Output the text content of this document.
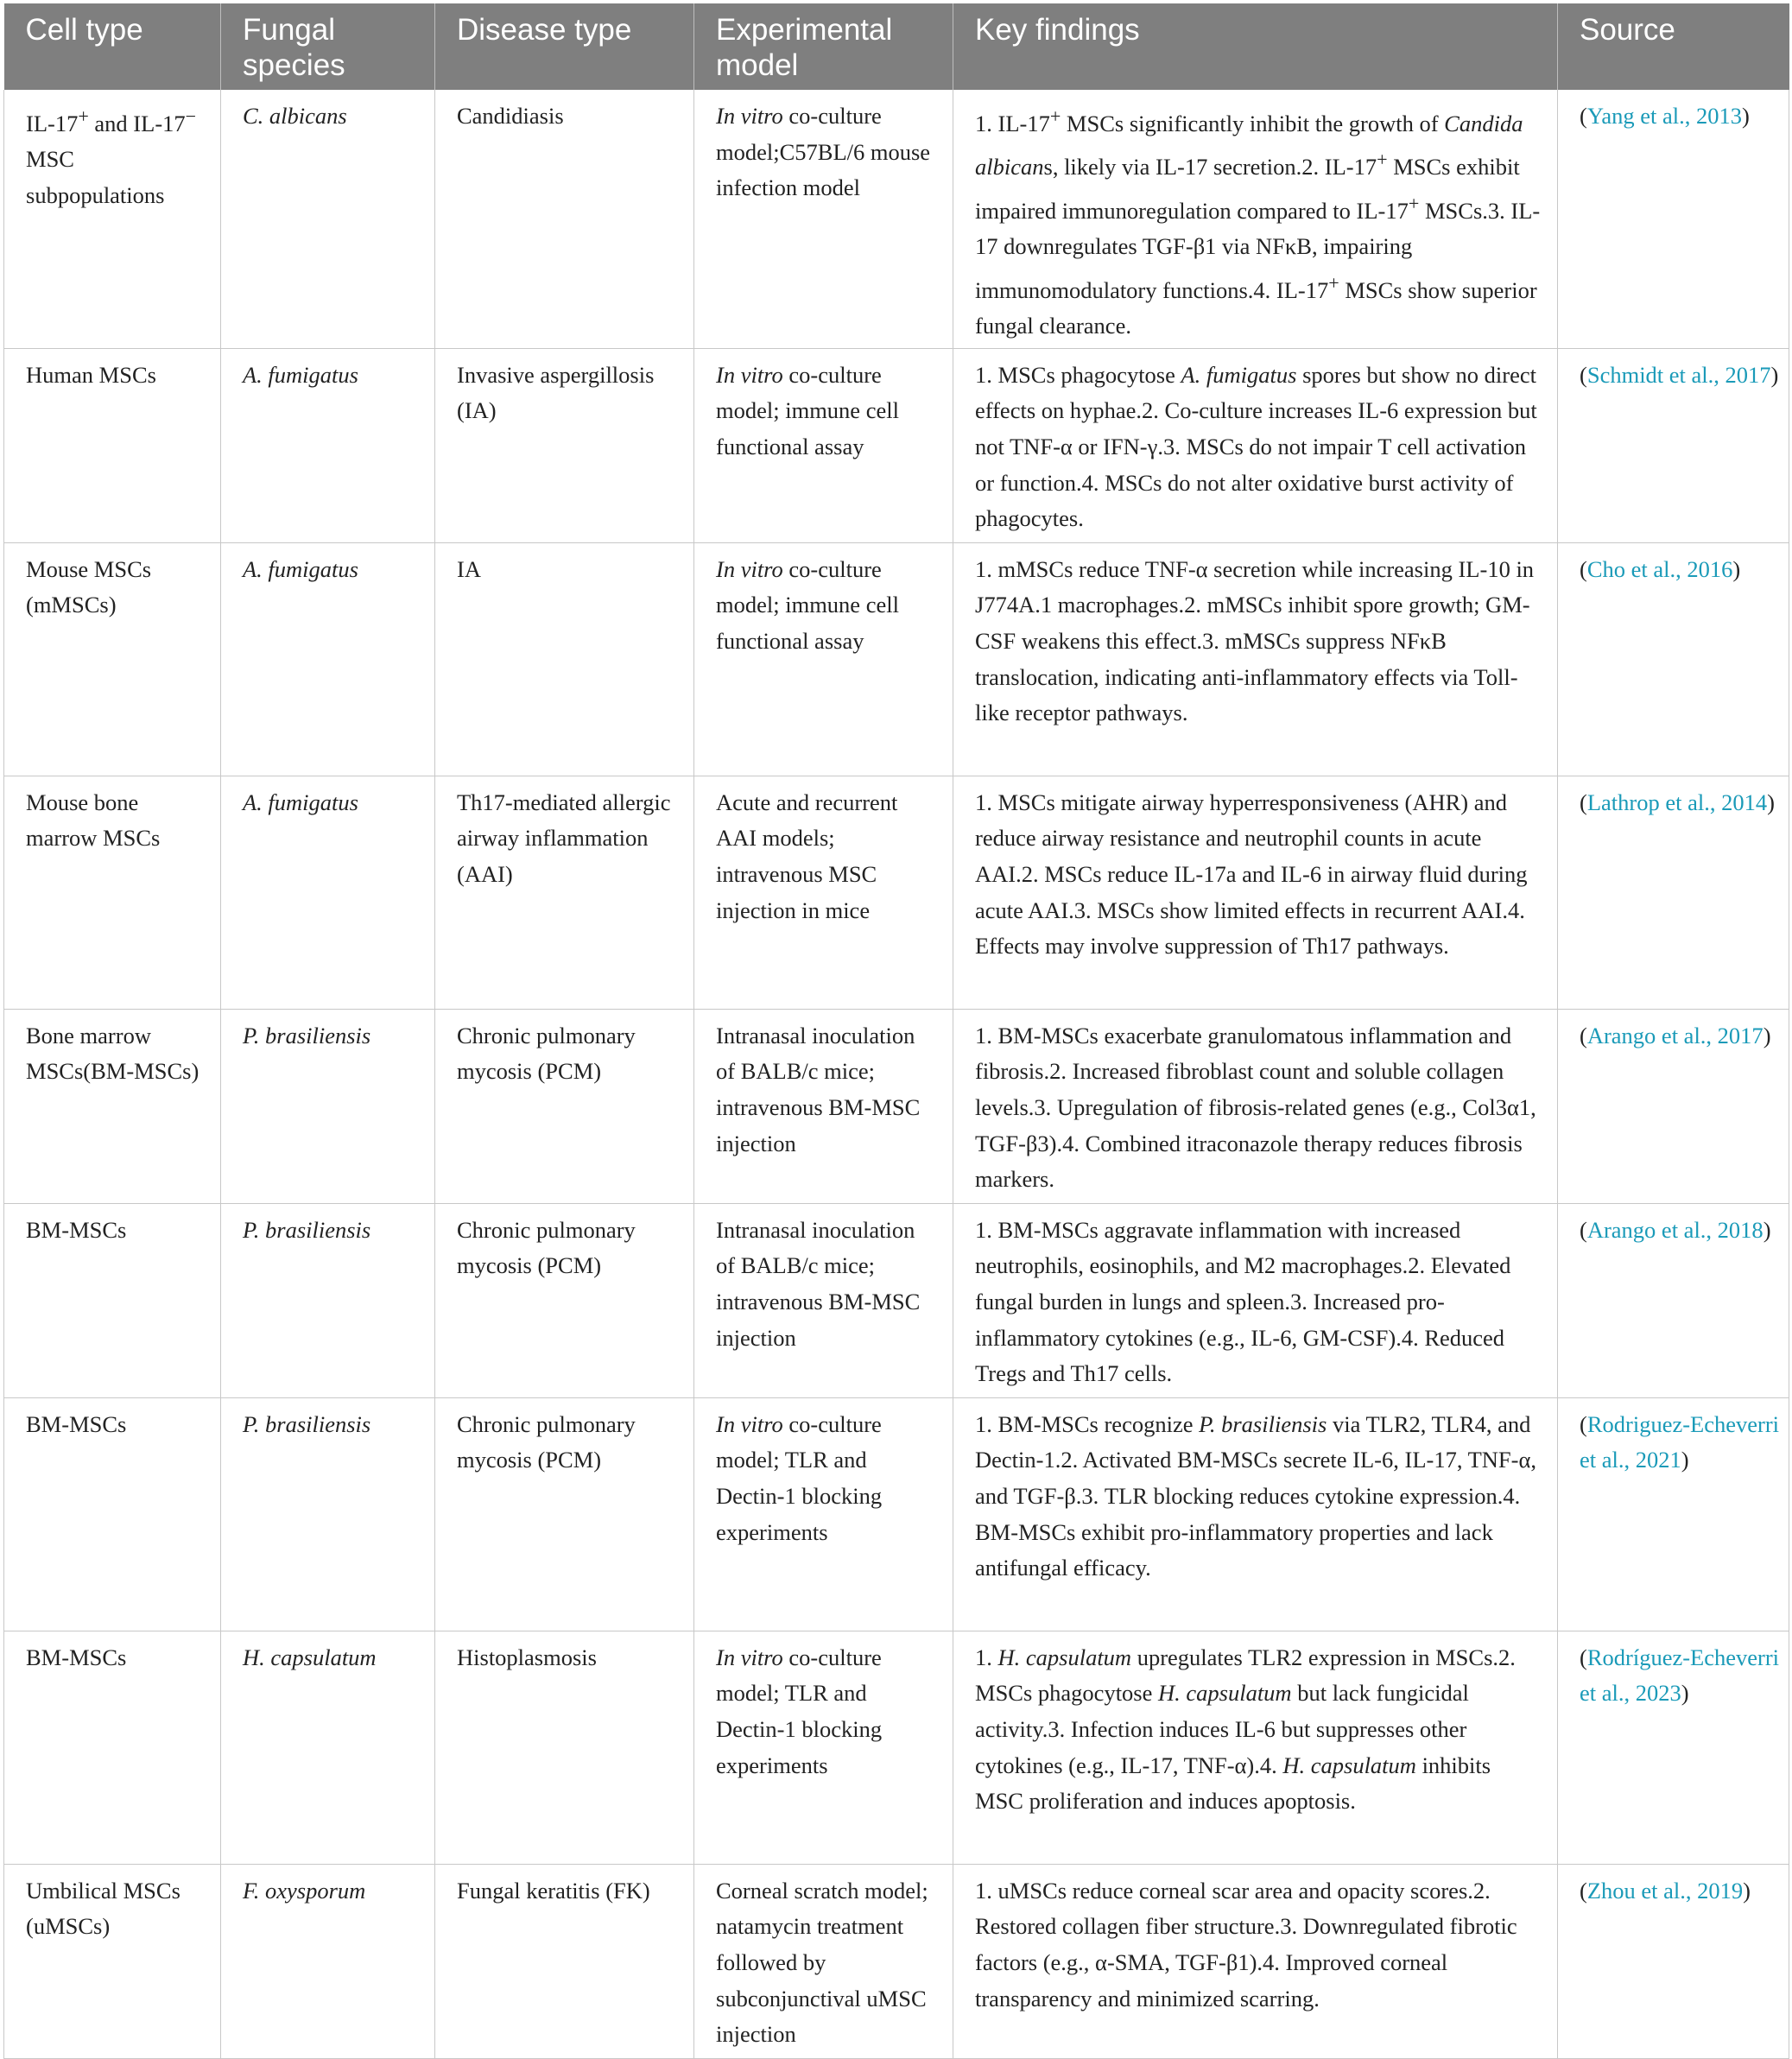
Cell type	Fungal species	Disease type	Experimental model	Key findings	Source
IL-17+ and IL-17− MSC subpopulations	C. albicans	Candidiasis	In vitro co-culture model;C57BL/6 mouse infection model	1. IL-17+ MSCs significantly inhibit the growth of Candida albicans, likely via IL-17 secretion.2. IL-17+ MSCs exhibit impaired immunoregulation compared to IL-17+ MSCs.3. IL-17 downregulates TGF-β1 via NFκB, impairing immunomodulatory functions.4. IL-17+ MSCs show superior fungal clearance.	(Yang et al., 2013)
Human MSCs	A. fumigatus	Invasive aspergillosis (IA)	In vitro co-culture model; immune cell functional assay	1. MSCs phagocytose A. fumigatus spores but show no direct effects on hyphae.2. Co-culture increases IL-6 expression but not TNF-α or IFN-γ.3. MSCs do not impair T cell activation or function.4. MSCs do not alter oxidative burst activity of phagocytes.	(Schmidt et al., 2017)
Mouse MSCs (mMSCs)	A. fumigatus	IA	In vitro co-culture model; immune cell functional assay	1. mMSCs reduce TNF-α secretion while increasing IL-10 in J774A.1 macrophages.2. mMSCs inhibit spore growth; GM-CSF weakens this effect.3. mMSCs suppress NFκB translocation, indicating anti-inflammatory effects via Toll-like receptor pathways.	(Cho et al., 2016)
Mouse bone marrow MSCs	A. fumigatus	Th17-mediated allergic airway inflammation (AAI)	Acute and recurrent AAI models; intravenous MSC injection in mice	1. MSCs mitigate airway hyperresponsiveness (AHR) and reduce airway resistance and neutrophil counts in acute AAI.2. MSCs reduce IL-17a and IL-6 in airway fluid during acute AAI.3. MSCs show limited effects in recurrent AAI.4. Effects may involve suppression of Th17 pathways.	(Lathrop et al., 2014)
Bone marrow MSCs(BM-MSCs)	P. brasiliensis	Chronic pulmonary mycosis (PCM)	Intranasal inoculation of BALB/c mice; intravenous BM-MSC injection	1. BM-MSCs exacerbate granulomatous inflammation and fibrosis.2. Increased fibroblast count and soluble collagen levels.3. Upregulation of fibrosis-related genes (e.g., Col3α1, TGF-β3).4. Combined itraconazole therapy reduces fibrosis markers.	(Arango et al., 2017)
BM-MSCs	P. brasiliensis	Chronic pulmonary mycosis (PCM)	Intranasal inoculation of BALB/c mice; intravenous BM-MSC injection	1. BM-MSCs aggravate inflammation with increased neutrophils, eosinophils, and M2 macrophages.2. Elevated fungal burden in lungs and spleen.3. Increased pro-inflammatory cytokines (e.g., IL-6, GM-CSF).4. Reduced Tregs and Th17 cells.	(Arango et al., 2018)
BM-MSCs	P. brasiliensis	Chronic pulmonary mycosis (PCM)	In vitro co-culture model; TLR and Dectin-1 blocking experiments	1. BM-MSCs recognize P. brasiliensis via TLR2, TLR4, and Dectin-1.2. Activated BM-MSCs secrete IL-6, IL-17, TNF-α, and TGF-β.3. TLR blocking reduces cytokine expression.4. BM-MSCs exhibit pro-inflammatory properties and lack antifungal efficacy.	(Rodriguez-Echeverri et al., 2021)
BM-MSCs	H. capsulatum	Histoplasmosis	In vitro co-culture model; TLR and Dectin-1 blocking experiments	1. H. capsulatum upregulates TLR2 expression in MSCs.2. MSCs phagocytose H. capsulatum but lack fungicidal activity.3. Infection induces IL-6 but suppresses other cytokines (e.g., IL-17, TNF-α).4. H. capsulatum inhibits MSC proliferation and induces apoptosis.	(Rodríguez-Echeverri et al., 2023)
Umbilical MSCs (uMSCs)	F. oxysporum	Fungal keratitis (FK)	Corneal scratch model; natamycin treatment followed by subconjunctival uMSC injection	1. uMSCs reduce corneal scar area and opacity scores.2. Restored collagen fiber structure.3. Downregulated fibrotic factors (e.g., α-SMA, TGF-β1).4. Improved corneal transparency and minimized scarring.	(Zhou et al., 2019)
